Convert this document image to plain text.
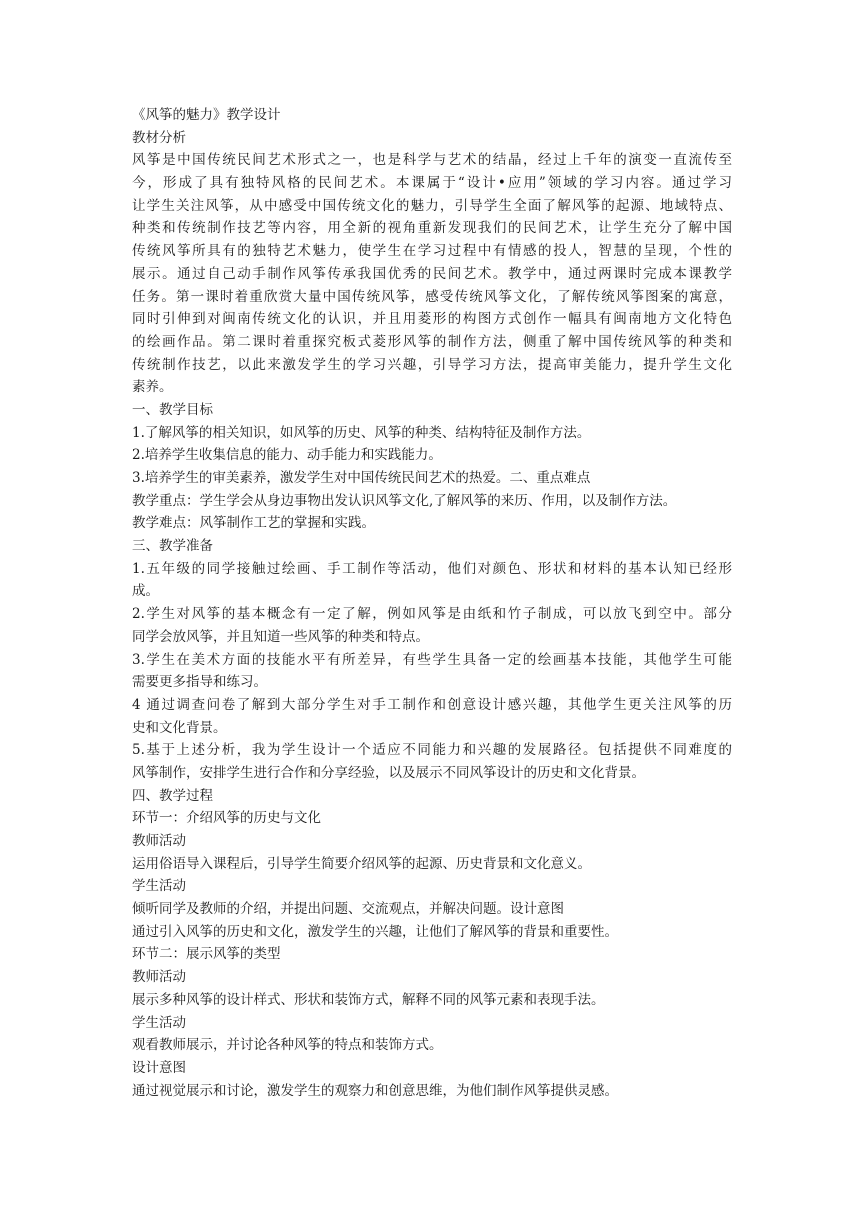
《风筝的魅力》教学设计
教材分析
风筝是中国传统民间艺术形式之一，也是科学与艺术的结晶，经过上千年的演变一直流传至
今，形成了具有独特风格的民间艺术。本课属于“设计•应用”领域的学习内容。通过学习
让学生关注风筝，从中感受中国传统文化的魅力，引导学生全面了解风筝的起源、地域特点、
种类和传统制作技艺等内容，用全新的视角重新发现我们的民间艺术，让学生充分了解中国
传统风筝所具有的独特艺术魅力，使学生在学习过程中有情感的投人，智慧的呈现，个性的
展示。通过自己动手制作风筝传承我国优秀的民间艺术。教学中，通过两课时完成本课教学
任务。第一课时着重欣赏大量中国传统风筝，感受传统风筝文化，了解传统风筝图案的寓意，
同时引伸到对闽南传统文化的认识，并且用菱形的构图方式创作一幅具有闽南地方文化特色
的绘画作品。第二课时着重探究板式菱形风筝的制作方法，侧重了解中国传统风筝的种类和
传统制作技艺，以此来激发学生的学习兴趣，引导学习方法，提高审美能力，提升学生文化
素养。
一、教学目标
1.了解风筝的相关知识，如风筝的历史、风筝的种类、结构特征及制作方法。
2.培养学生收集信息的能力、动手能力和实践能力。
3.培养学生的审美素养，激发学生对中国传统民间艺术的热爱。二、重点难点
教学重点：学生学会从身边事物出发认识风筝文化,了解风筝的来历、作用，以及制作方法。
教学难点：风筝制作工艺的掌握和实践。
三、教学准备
1.五年级的同学接触过绘画、手工制作等活动，他们对颜色、形状和材料的基本认知已经形
成。
2.学生对风筝的基本概念有一定了解，例如风筝是由纸和竹子制成，可以放飞到空中。部分
同学会放风筝，并且知道一些风筝的种类和特点。
3.学生在美术方面的技能水平有所差异，有些学生具备一定的绘画基本技能，其他学生可能
需要更多指导和练习。
4 通过调查问卷了解到大部分学生对手工制作和创意设计感兴趣，其他学生更关注风筝的历
史和文化背景。
5.基于上述分析，我为学生设计一个适应不同能力和兴趣的发展路径。包括提供不同难度的
风筝制作，安排学生进行合作和分享经验，以及展示不同风筝设计的历史和文化背景。
四、教学过程
环节一：介绍风筝的历史与文化
教师活动
运用俗语导入课程后，引导学生简要介绍风筝的起源、历史背景和文化意义。
学生活动
倾听同学及教师的介绍，并提出问题、交流观点，并解决问题。设计意图
通过引入风筝的历史和文化，激发学生的兴趣，让他们了解风筝的背景和重要性。
环节二：展示风筝的类型
教师活动
展示多种风筝的设计样式、形状和装饰方式，解释不同的风筝元素和表现手法。
学生活动
观看教师展示，并讨论各种风筝的特点和装饰方式。
设计意图
通过视觉展示和讨论，激发学生的观察力和创意思维，为他们制作风筝提供灵感。
